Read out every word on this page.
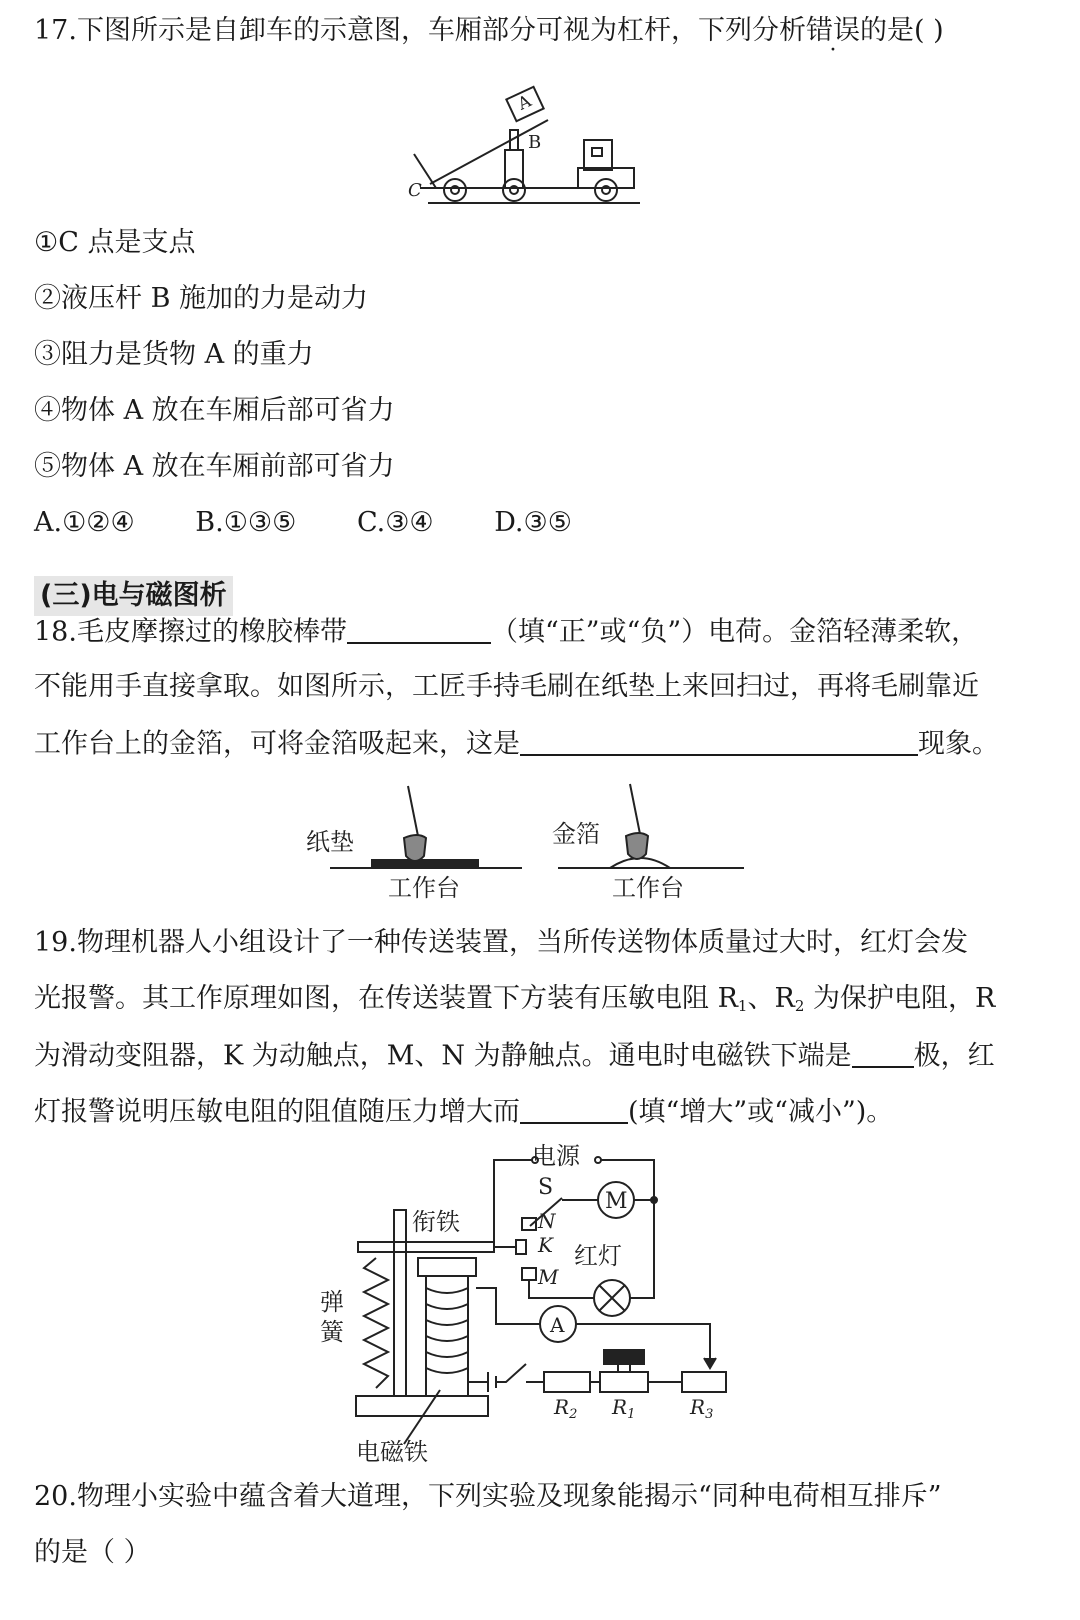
17.下图所示是自卸车的示意图，车厢部分可视为杠杆，下列分析错误的是( )
A
B
C
①C 点是支点
②液压杆 B 施加的力是动力
③阻力是货物 A 的重力
④物体 A 放在车厢后部可省力
⑤物体 A 放在车厢前部可省力
A.①②④ B.①③⑤ C.③④ D.③⑤
(三)电与磁图析
18.毛皮摩擦过的橡胶棒带	（填“正”或“负”）电荷。金箔轻薄柔软，
不能用手直接拿取。如图所示，工匠手持毛刷在纸垫上来回扫过，再将毛刷靠近
工作台上的金箔，可将金箔吸起来，这是	现象。
纸垫
工作台
金箔
工作台
19.物理机器人小组设计了一种传送装置，当所传送物体质量过大时，红灯会发
光报警。其工作原理如图，在传送装置下方装有压敏电阻 $R_1$、$R_2$ 为保护电阻，R
为滑动变阻器，K 为动触点，M、N 为静触点。通电时电磁铁下端是 极，红
灯报警说明压敏电阻的阻值随压力增大而	(填“增大”或“减小”)。
电源
S
M
N
K
M
衔铁
红灯
弹
簧	A
$R_2$ $R_1$	$R_3$
电磁铁
20.物理小实验中蕴含着大道理，下列实验及现象能揭示“同种电荷相互排斥”
的是（ ）
